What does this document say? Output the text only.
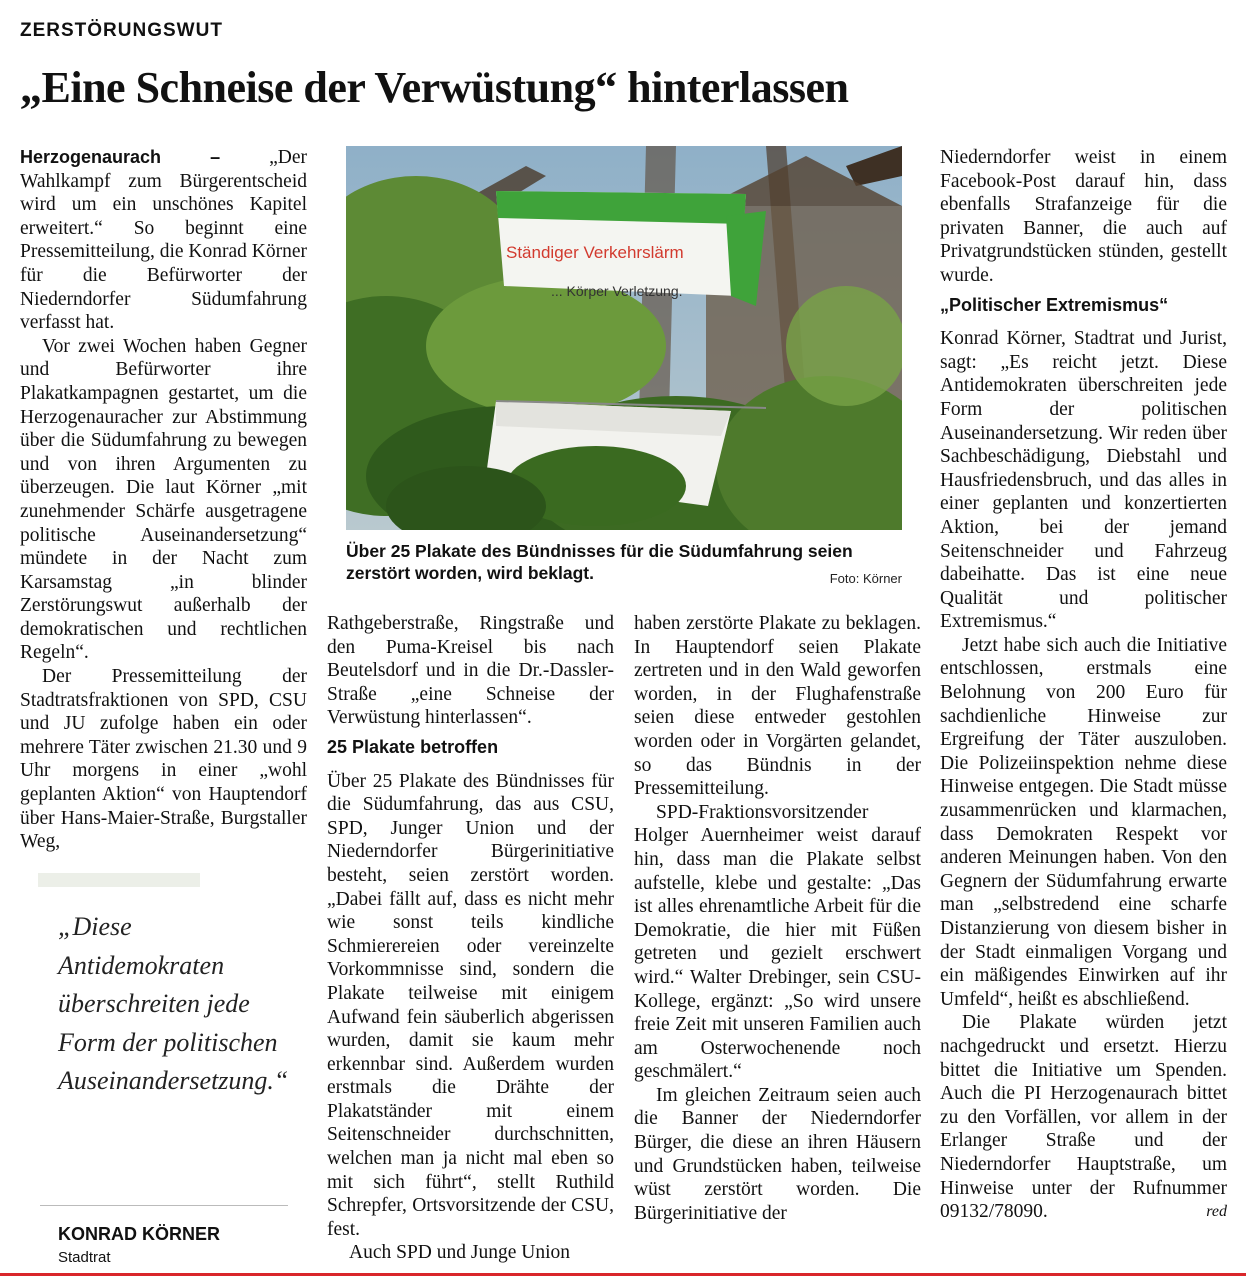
ZERSTÖRUNGSWUT
„Eine Schneise der Verwüstung“ hinterlassen

Herzogenaurach –	„Der Wahlkampf zum Bürgerentscheid wird um ein unschönes Kapitel erweitert.“ So beginnt eine Pressemitteilung, die Konrad Körner für die Befürworter der Niederndorfer Südumfahrung verfasst hat.

Vor zwei Wochen haben Gegner und Befürworter ihre Plakatkampagnen gestartet, um die Herzogenauracher zur Abstimmung über die Südumfahrung zu bewegen und von ihren Argumenten zu überzeugen. Die laut Körner „mit zunehmender Schärfe ausgetragene politische Auseinandersetzung“ mündete in der Nacht zum Karsamstag „in blinder Zerstörungswut außerhalb der demokratischen und rechtlichen Regeln“.

Der Pressemitteilung der Stadtratsfraktionen von SPD, CSU und JU zufolge haben ein oder mehrere Täter zwischen 21.30 und 9 Uhr morgens in einer „wohl geplanten Aktion“ von Hauptendorf über Hans-Maier-Straße, Burgstaller Weg,

Ständiger Verkehrslärm
... Körper Verletzung.
Über 25 Plakate des Bündnisses für die Südumfahrung seien zerstört worden, wird beklagt.	Foto: Körner

Rathgeberstraße, Ringstraße und den Puma-Kreisel bis nach Beutelsdorf und in die Dr.-Dassler-Straße „eine Schneise der Verwüstung hinterlassen“.

25 Plakate betroffen

Über 25 Plakate des Bündnisses für die Südumfahrung, das aus CSU, SPD, Junger Union und der Niederndorfer Bürgerinitiative besteht, seien zerstört worden. „Dabei fällt auf, dass es nicht mehr wie sonst teils kindliche Schmierereien oder vereinzelte Vorkommnisse sind, sondern die Plakate teilweise mit einigem Aufwand fein säuberlich abgerissen wurden, damit sie kaum mehr erkennbar sind. Außerdem wurden erstmals die Drähte der Plakatständer mit einem Seitenschneider durchschnitten, welchen man ja nicht mal eben so mit sich führt“, stellt Ruthild Schrepfer, Ortsvorsitzende der CSU, fest.

Auch SPD und Junge Union

haben zerstörte Plakate zu beklagen. In Hauptendorf seien Plakate zertreten und in den Wald geworfen worden, in der Flughafenstraße seien diese entweder gestohlen worden oder in Vorgärten gelandet, so das Bündnis in der Pressemitteilung.

SPD-Fraktionsvorsitzender Holger Auernheimer weist darauf hin, dass man die Plakate selbst aufstelle, klebe und gestalte: „Das ist alles ehrenamtliche Arbeit für die Demokratie, die hier mit Füßen getreten und gezielt erschwert wird.“ Walter Drebinger, sein CSU-Kollege, ergänzt: „So wird unsere freie Zeit mit unseren Familien auch am Osterwochenende noch geschmälert.“

Im gleichen Zeitraum seien auch die Banner der Niederndorfer Bürger, die diese an ihren Häusern und Grundstücken haben, teilweise wüst zerstört worden. Die Bürgerinitiative der

Niederndorfer weist in einem Facebook-Post darauf hin, dass ebenfalls Strafanzeige für die privaten Banner, die auch auf Privatgrundstücken stünden, gestellt wurde.

„Politischer Extremismus“

Konrad Körner, Stadtrat und Jurist, sagt: „Es reicht jetzt. Diese Antidemokraten überschreiten jede Form der politischen Auseinandersetzung. Wir reden über Sachbeschädigung, Diebstahl und Hausfriedensbruch, und das alles in einer geplanten und konzertierten Aktion, bei der jemand Seitenschneider und Fahrzeug dabeihatte. Das ist eine neue Qualität und politischer Extremismus.“

Jetzt habe sich auch die Initiative entschlossen, erstmals eine Belohnung von 200 Euro für sachdienliche Hinweise zur Ergreifung der Täter auszuloben. Die Polizeiinspektion nehme diese Hinweise entgegen. Die Stadt müsse zusammenrücken und klarmachen, dass Demokraten Respekt vor anderen Meinungen haben. Von den Gegnern der Südumfahrung erwarte man „selbstredend eine scharfe Distanzierung von diesem bisher in der Stadt einmaligen Vorgang und ein mäßigendes Einwirken auf ihr Umfeld“, heißt es abschließend.

Die Plakate würden jetzt nachgedruckt und ersetzt. Hierzu bittet die Initiative um Spenden. Auch die PI Herzogenaurach bittet zu den Vorfällen, vor allem in der Erlanger Straße und der Niederndorfer Hauptstraße, um Hinweise unter der Rufnummer 09132/78090.	red

„Diese Antidemokraten überschreiten jede Form der politischen Auseinandersetzung.“
KONRAD KÖRNER
Stadtrat
